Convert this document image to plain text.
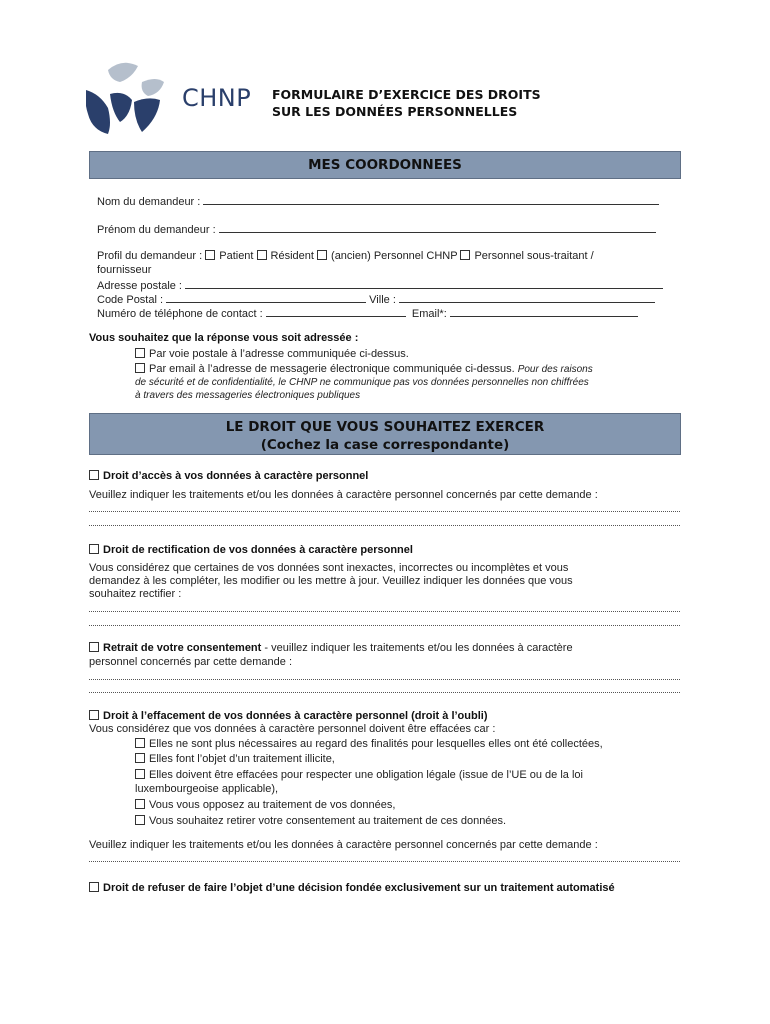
CHNP FORMULAIRE D’EXERCICE DES DROITS
SUR LES DONNÉES PERSONNELLES
MES COORDONNEES
Nom du demandeur :
Prénom du demandeur :
Profil du demandeur : Patient Résident (ancien) Personnel CHNP Personnel sous-traitant /
fournisseur
Adresse postale :
Code Postal :	Ville :
Numéro de téléphone de contact :	Email*:
Vous souhaitez que la réponse vous soit adressée :
Par voie postale à l’adresse communiquée ci-dessus.
Par email à l’adresse de messagerie électronique communiquée ci-dessus. Pour des raisons
de sécurité et de confidentialité, le CHNP ne communique pas vos données personnelles non chiffrées
à travers des messageries électroniques publiques
LE DROIT QUE VOUS SOUHAITEZ EXERCER
(Cochez la case correspondante)
Droit d’accès à vos données à caractère personnel
Veuillez indiquer les traitements et/ou les données à caractère personnel concernés par cette demande :
Droit de rectification de vos données à caractère personnel
Vous considérez que certaines de vos données sont inexactes, incorrectes ou incomplètes et vous
demandez à les compléter, les modifier ou les mettre à jour. Veuillez indiquer les données que vous
souhaitez rectifier :
Retrait de votre consentement - veuillez indiquer les traitements et/ou les données à caractère
personnel concernés par cette demande :
Droit à l’effacement de vos données à caractère personnel (droit à l’oubli)
Vous considérez que vos données à caractère personnel doivent être effacées car :
Elles ne sont plus nécessaires au regard des finalités pour lesquelles elles ont été collectées,
Elles font l’objet d’un traitement illicite,
Elles doivent être effacées pour respecter une obligation légale (issue de l’UE ou de la loi
luxembourgeoise applicable),
Vous vous opposez au traitement de vos données,
Vous souhaitez retirer votre consentement au traitement de ces données.
Veuillez indiquer les traitements et/ou les données à caractère personnel concernés par cette demande :
Droit de refuser de faire l’objet d’une décision fondée exclusivement sur un traitement automatisé
